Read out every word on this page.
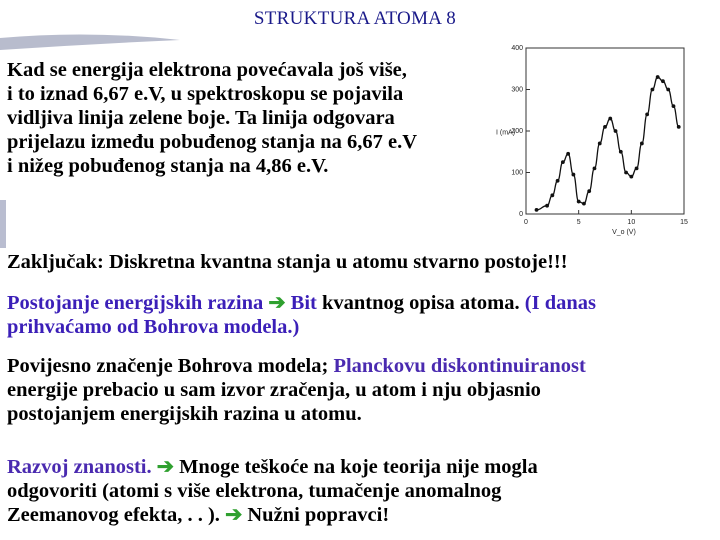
STRUKTURA ATOMA 8
Kad se energija elektrona povećavala još više,
i to iznad 6,67 e.V, u spektroskopu se pojavila
vidljiva linija zelene boje. Ta linija odgovara
prijelazu između pobuđenog stanja na 6,67 e.V
i nižeg pobuđenog stanja na 4,86 e.V.
0	5	10	15
0
100
200
300
400
V_o (V)
I (mA)
Zaključak: Diskretna kvantna stanja u atomu stvarno postoje!!!
Postojanje energijskih razina ➔ Bit kvantnog opisa atoma. (I danas
prihvaćamo od Bohrova modela.)
Povijesno značenje Bohrova modela; Planckovu diskontinuiranost
energije prebacio u sam izvor zračenja, u atom i nju objasnio
postojanjem energijskih razina u atomu.
Razvoj znanosti. ➔ Mnoge teškoće na koje teorija nije mogla
odgovoriti (atomi s više elektrona, tumačenje anomalnog
Zeemanovog efekta, . . ). ➔ Nužni popravci!
